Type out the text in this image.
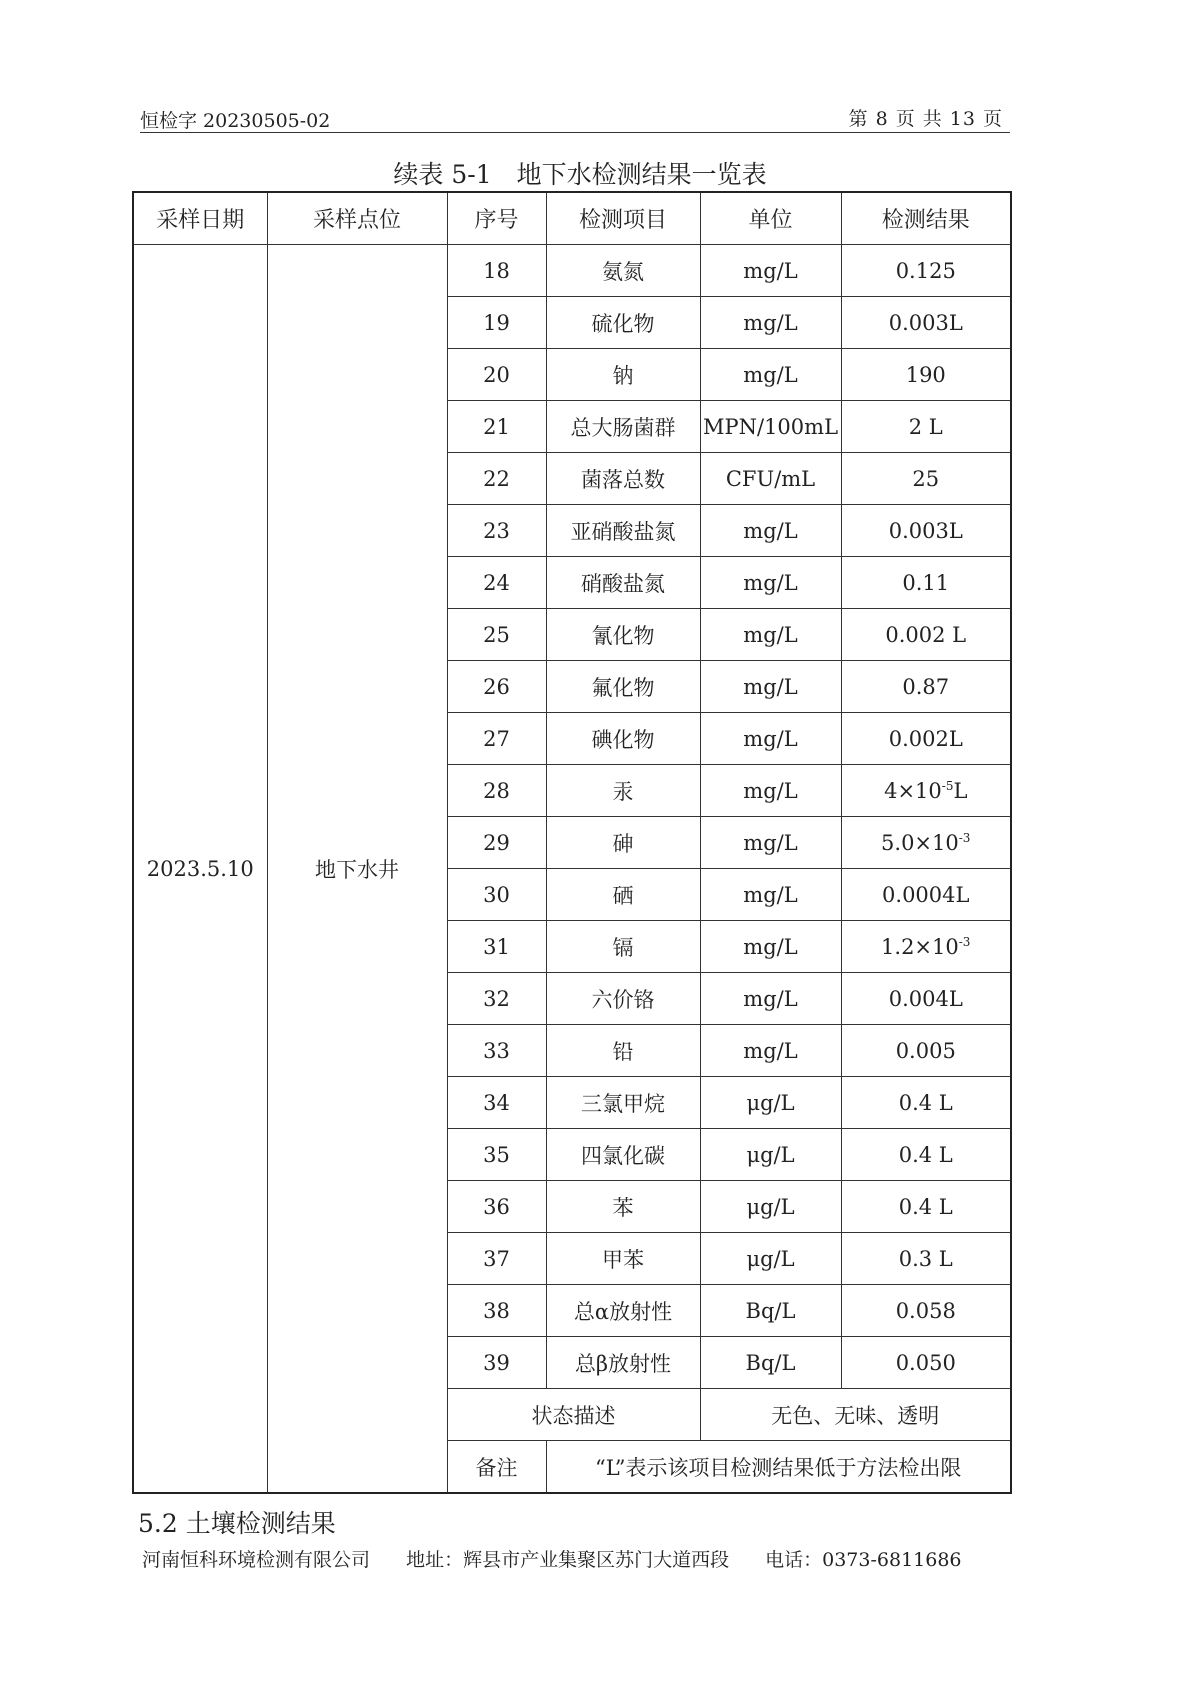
恒检字 20230505-02	第 8 页 共 13 页
续表 5-1　地下水检测结果一览表
采样日期	采样点位	序号	检测项目	单位	检测结果
2023.5.10	地下水井	18	氨氮	mg/L	0.125
		19	硫化物	mg/L	0.003L
		20	钠	mg/L	190
		21	总大肠菌群	MPN/100mL	2 L
		22	菌落总数	CFU/mL	25
		23	亚硝酸盐氮	mg/L	0.003L
		24	硝酸盐氮	mg/L	0.11
		25	氰化物	mg/L	0.002 L
		26	氟化物	mg/L	0.87
		27	碘化物	mg/L	0.002L
		28	汞	mg/L	$4\times 10^{-5}L$
		29	砷	mg/L	$5.0\times 10^{-3}$
		30	硒	mg/L	0.0004L
		31	镉	mg/L	$1.2\times 10^{-3}$
		32	六价铬	mg/L	0.004L
		33	铅	mg/L	0.005
		34	三氯甲烷	μg/L	0.4 L
		35	四氯化碳	μg/L	0.4 L
		36	苯	μg/L	0.4 L
		37	甲苯	μg/L	0.3 L
		38	总α放射性	Bq/L	0.058
		39	总β放射性	Bq/L	0.050
		状态描述		无色、无味、透明	
		备注	“L”表示该项目检测结果低于方法检出限		
5.2 土壤检测结果
河南恒科环境检测有限公司 地址：辉县市产业集聚区苏门大道西段 电话：0373-6811686
